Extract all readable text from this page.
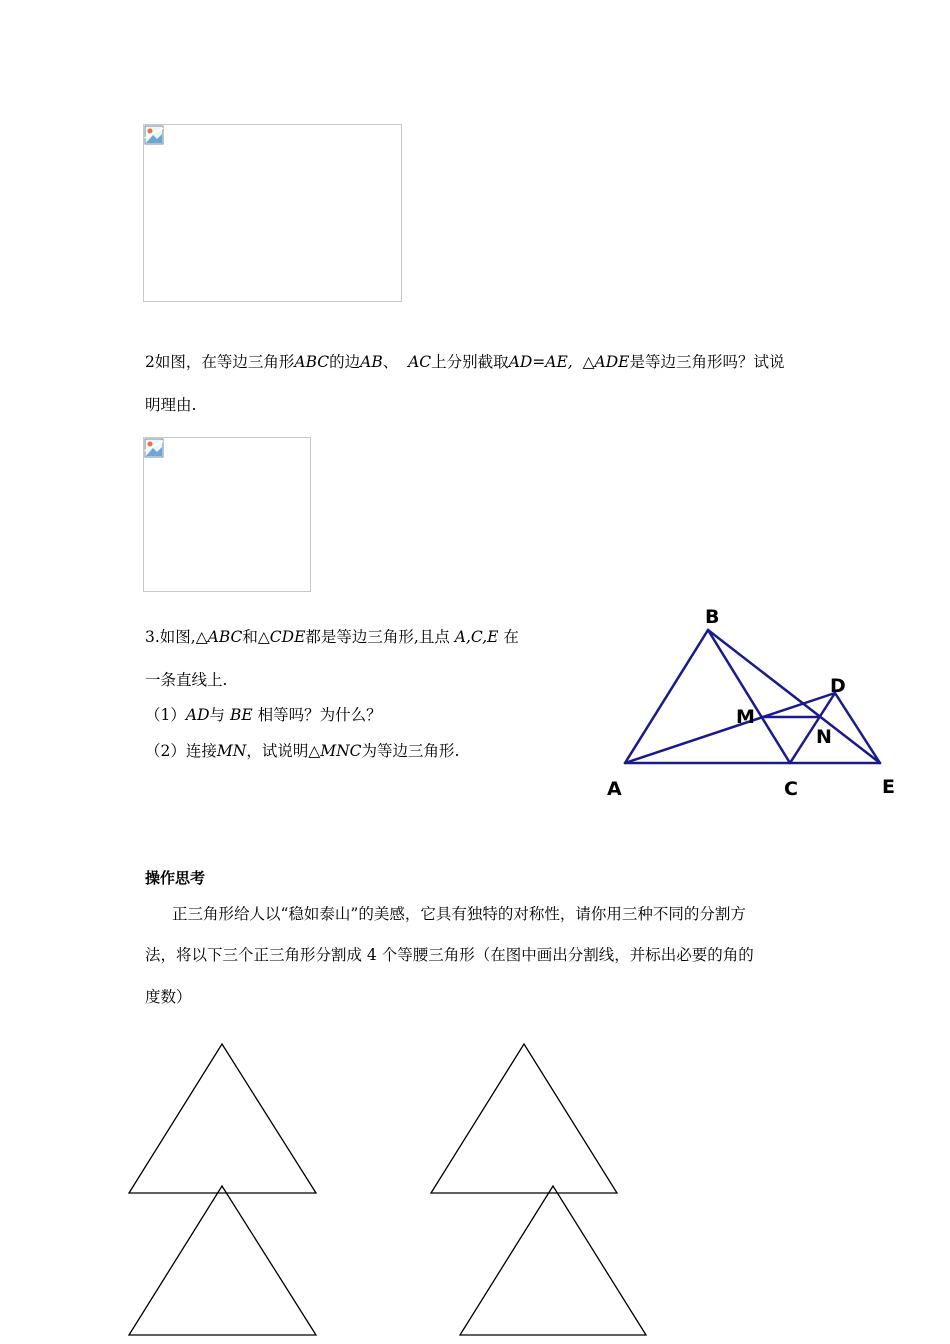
2如图，在等边三角形ABC的边AB、 AC上分别截取AD=AE, △ADE是等边三角形吗？试说
明理由.
3.如图,△ABC和△CDE都是等边三角形,且点 A,C,E 在
一条直线上.
（1）AD与 BE 相等吗？为什么？
（2）连接MN，试说明△MNC为等边三角形.
B
D
M
N
A	C	E
操作思考
正三角形给人以“稳如泰山”的美感，它具有独特的对称性，请你用三种不同的分割方
法，将以下三个正三角形分割成 4 个等腰三角形（在图中画出分割线，并标出必要的角的
度数）
